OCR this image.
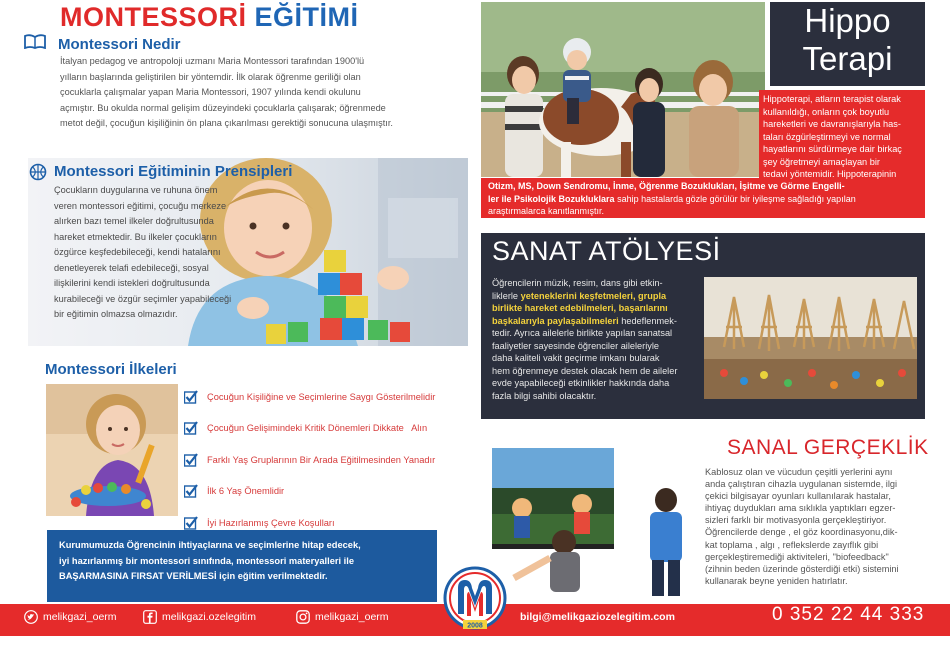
MONTESSORİ EĞİTİMİ
Montessori Nedir
İtalyan pedagog ve antropoloji uzmanı Maria Montessori tarafından 1900'lü
yılların başlarında geliştirilen bir yöntemdir. İlk olarak öğrenme geriliği olan
çocuklarla çalışmalar yapan Maria Montessori, 1907 yılında kendi okulunu
açmıştır. Bu okulda normal gelişim düzeyindeki çocuklarla çalışarak; öğrenmede
metot değil, çocuğun kişiliğinin ön plana çıkarılması gerektiği sonucuna ulaşmıştır.
Montessori Eğitiminin Prensipleri
Çocukların duygularına ve ruhuna önem
veren montessori eğitimi, çocuğu merkeze
alırken bazı temel ilkeler doğrultusunda
hareket etmektedir. Bu ilkeler çocukların
özgürce keşfedebileceği, kendi hatalarını
denetleyerek telafi edebileceği, sosyal
ilişkilerini kendi istekleri doğrultusunda
kurabileceği ve özgür seçimler yapabileceği
bir eğitimin olmazsa olmazıdır.
Montessori İlkeleri
Çocuğun Kişiliğine ve Seçimlerine Saygı Gösterilmelidir
Çocuğun Gelişimindeki Kritik Dönemleri Dikkate   Alın
Farklı Yaş Gruplarının Bir Arada Eğitilmesinden Yanadır
İlk 6 Yaş Önemlidir
İyi Hazırlanmış Çevre Koşulları
Kurumumuzda Öğrencinin ihtiyaçlarına ve seçimlerine hitap edecek,
iyi hazırlanmış bir montessori sınıfında, montessori materyalleri ile
BAŞARMASINA FIRSAT VERİLMESİ için eğitim verilmektedir.
Hippo
Terapi
Hippoterapi, atların terapist olarak
kullanıldığı, onların çok boyutlu
hareketleri ve davranışlarıyla has-
taları özgürleştirmeyi ve normal
hayatlarını sürdürmeye dair birkaç
şey öğretmeyi amaçlayan bir
tedavi yöntemidir. Hippoterapinin
Otizm, MS, Down Sendromu, İnme, Öğrenme Bozuklukları, İşitme ve Görme Engelli-
ler ile Psikolojik Bozukluklara sahip hastalarda gözle görülür bir iyileşme sağladığı yapılan
araştırmalarca kanıtlanmıştır.
SANAT ATÖLYESİ
Öğrencilerin müzik, resim, dans gibi etkin-
liklerle yeteneklerini keşfetmeleri, grupla
birlikte hareket edebilmeleri, başarılarını
başkalarıyla paylaşabilmeleri hedeflenmek-
tedir. Ayrıca ailelerle birlikte yapılan sanatsal
faaliyetler sayesinde öğrenciler aileleriyle
daha kaliteli vakit geçirme imkanı bularak
hem öğrenmeye destek olacak hem de aileler
evde yapabileceği etkinlikler hakkında daha
fazla bilgi sahibi olacaktır.
SANAL GERÇEKLİK
Kablosuz olan ve vücudun çeşitli yerlerini aynı
anda çalıştıran cihazla uygulanan sistemde, ilgi
çekici bilgisayar oyunları kullanılarak hastalar,
ihtiyaç duydukları ama sıklıkla yaptıkları egzer-
sizleri farklı bir motivasyonla gerçekleştiriyor.
Öğrencilerde denge , el göz koordinasyonu,dik-
kat toplama , algı , reflekslerde zayıflık gibi
gerçekleştiremediği aktiviteleri, "biofeedback"
(zihnin beden üzerinde gösterdiği etki) sistemini
kullanarak beyne yeniden hatırlatır.
melikgazi_oerm	melikgazi.ozelegitim	melikgazi_oerm
2008
bilgi@melikgaziozelegitim.com	0 352 22 44 333
